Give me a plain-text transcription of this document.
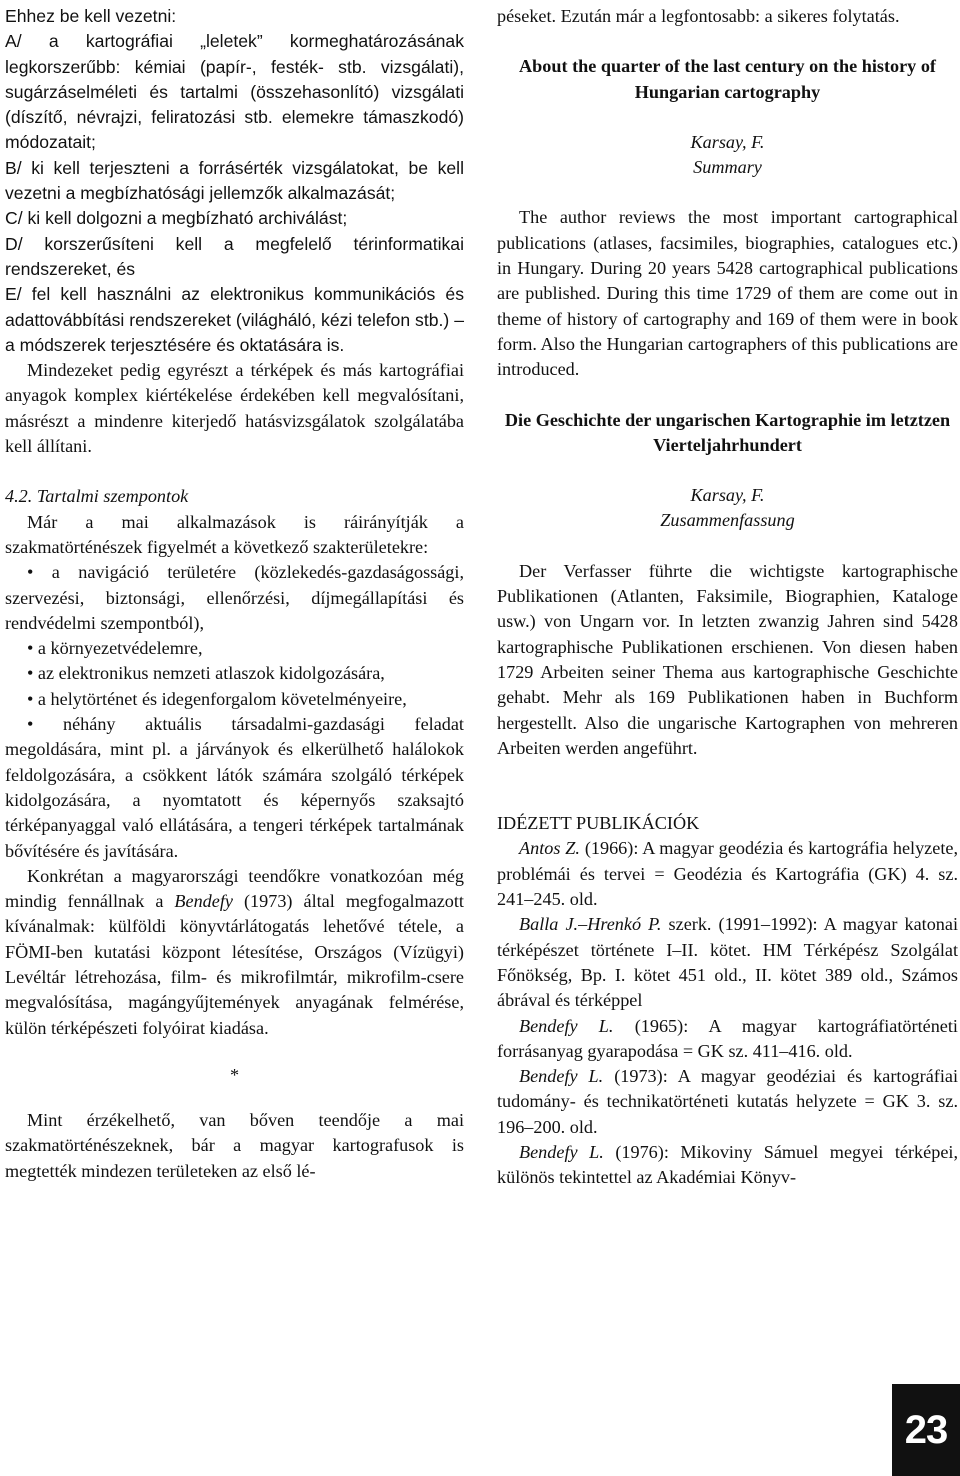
Ehhez be kell vezetni:

A/ a kartográfiai „leletek” kormeghatározásának legkorszerűbb: kémiai (papír-, festék- stb. vizsgálati), sugárzáselméleti és tartalmi (összehasonlító) vizsgálati (díszítő, névrajzi, feliratozási stb. elemekre támaszkodó) módozatait;

B/ ki kell terjeszteni a forrásérték vizsgálatokat, be kell vezetni a megbízhatósági jellemzők alkalmazását;

C/ ki kell dolgozni a megbízható archiválást;

D/ korszerűsíteni kell a megfelelő térinformatikai rendszereket, és

E/ fel kell használni az elektronikus kommunikációs és adattovábbítási rendszereket (világháló, kézi telefon stb.) – a módszerek terjesztésére és oktatására is.

Mindezeket pedig egyrészt a térképek és más kartográfiai anyagok komplex kiértékelése érdekében kell megvalósítani, másrészt a mindenre kiterjedő hatásvizsgálatok szolgálatába kell állítani.

4.2. Tartalmi szempontok

Már a mai alkalmazások is ráirányítják a szakmatörténészek figyelmét a következő szakterületekre:

• a navigáció területére (közlekedés-gazdaságossági, szervezési, biztonsági, ellenőrzési, díjmegállapítási és rendvédelmi szempontból),

• a környezetvédelemre,

• az elektronikus nemzeti atlaszok kidolgozására,

• a helytörténet és idegenforgalom követelményeire,

• néhány aktuális társadalmi-gazdasági feladat megoldására, mint pl. a járványok és elkerülhető halálokok feldolgozására, a csökkent látók számára szolgáló térképek kidolgozására, a nyomtatott és képernyős szaksajtó térképanyaggal való ellátására, a tengeri térképek tartalmának bővítésére és javítására.

Konkrétan a magyarországi teendőkre vonatkozóan még mindig fennállnak a Bendefy (1973) által megfogalmazott kívánalmak: külföldi könyvtárlátogatás lehetővé tétele, a FÖMI-ben kutatási központ létesítése, Országos (Vízügyi) Levéltár létrehozása, film- és mikrofilmtár, mikrofilm-csere megvalósítása, magángyűjtemények anyagának felmérése, külön térképészeti folyóirat kiadása.

*

Mint érzékelhető, van bőven teendője a mai szakmatörténészeknek, bár a magyar kartografusok is megtették mindezen területeken az első lé-

péseket. Ezután már a legfontosabb: a sikeres folytatás.

About the quarter of the last century on the history of Hungarian cartography

Karsay, F.

Summary

The author reviews the most important cartographical publications (atlases, facsimiles, biographies, catalogues etc.) in Hungary. During 20 years 5428 cartographical publications are published. During this time 1729 of them are come out in theme of history of cartography and 169 of them were in book form. Also the Hungarian cartographers of this publications are introduced.

Die Geschichte der ungarischen Kartographie im letztzen Vierteljahrhundert

Karsay, F.

Zusammenfassung

Der Verfasser führte die wichtigste kartographische Publikationen (Atlanten, Faksimile, Biographien, Kataloge usw.) von Ungarn vor. In letzten zwanzig Jahren sind 5428 kartographische Publikationen erschienen. Von diesen haben 1729 Arbeiten seiner Thema aus kartographische Geschichte gehabt. Mehr als 169 Publikationen haben in Buchform hergestellt. Also die ungarische Kartographen von mehreren Arbeiten werden angeführt.

IDÉZETT PUBLIKÁCIÓK

Antos Z. (1966): A magyar geodézia és kartográfia helyzete, problémái és tervei = Geodézia és Kartográfia (GK) 4. sz. 241–245. old.

Balla J.–Hrenkó P. szerk. (1991–1992): A magyar katonai térképészet története I–II. kötet. HM Térképész Szolgálat Főnökség, Bp. I. kötet 451 old., II. kötet 389 old., Számos ábrával és térképpel

Bendefy L. (1965): A magyar kartográfiatörténeti forrásanyag gyarapodása = GK sz. 411–416. old.

Bendefy L. (1973): A magyar geodéziai és kartográfiai tudomány- és technikatörténeti kutatás helyzete = GK 3. sz. 196–200. old.

Bendefy L. (1976): Mikoviny Sámuel megyei térképei, különös tekintettel az Akadémiai Könyv-

23
